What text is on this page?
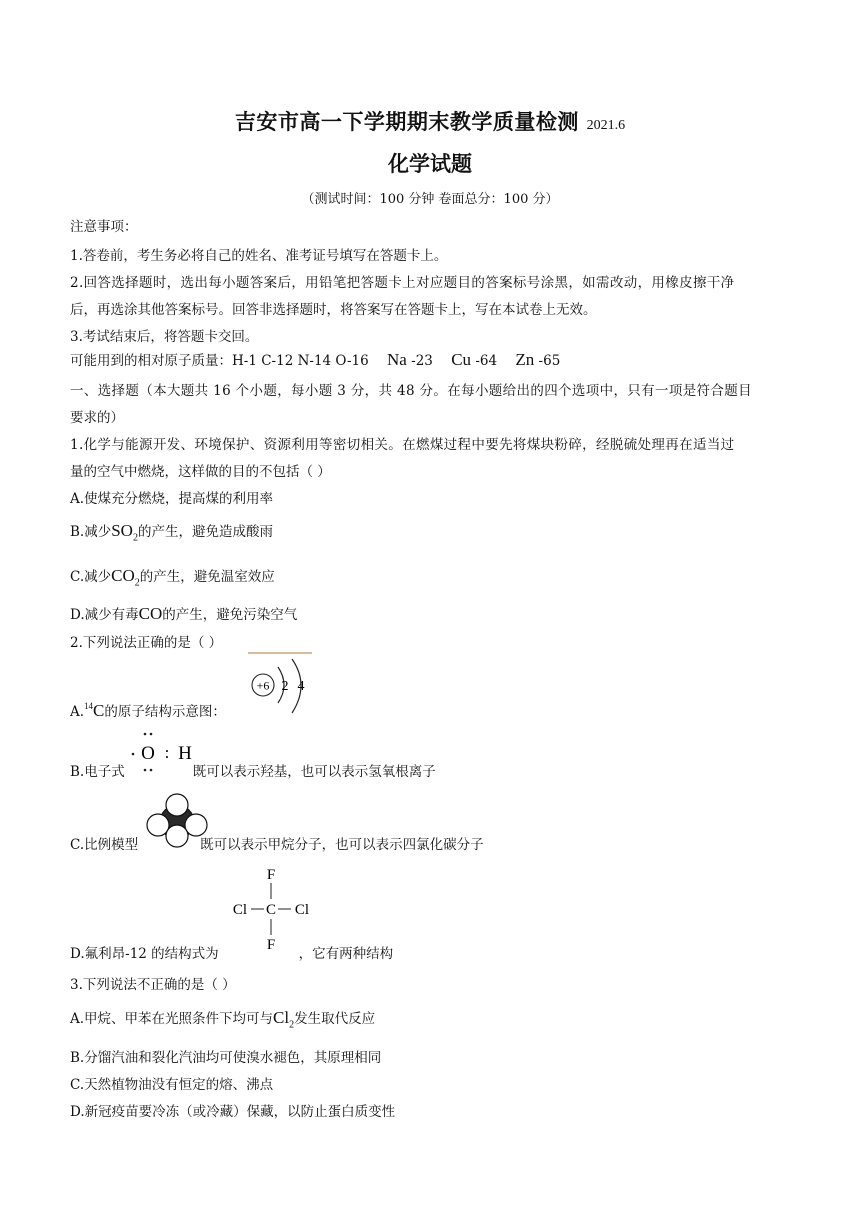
吉安市高一下学期期末教学质量检测 2021.6
化学试题
（测试时间：100 分钟 卷面总分：100 分）
注意事项：
1.答卷前，考生务必将自己的姓名、准考证号填写在答题卡上。
2.回答选择题时，选出每小题答案后，用铅笔把答题卡上对应题目的答案标号涂黑，如需改动，用橡皮擦干净
后，再选涂其他答案标号。回答非选择题时，将答案写在答题卡上，写在本试卷上无效。
3.考试结束后，将答题卡交回。
可能用到的相对原子质量：H-1 C-12 N-14 O-16 Na -23 Cu -64 Zn -65
一、选择题（本大题共 16 个小题，每小题 3 分，共 48 分。在每小题给出的四个选项中，只有一项是符合题目
要求的）
1.化学与能源开发、环境保护、资源利用等密切相关。在燃煤过程中要先将煤块粉碎，经脱硫处理再在适当过
量的空气中燃烧，这样做的目的不包括（ ）
A.使煤充分燃烧，提高煤的利用率
B.减少$SO_2$的产生，避免造成酸雨
C.减少$CO_2$的产生，避免温室效应
D.减少有毒CO的产生，避免污染空气
2.下列说法正确的是（ ）
A.$^{14}$C的原子结构示意图：
+6 2 4
B.电子式	既可以表示羟基，也可以表示氢氧根离子
O : H
C.比例模型	既可以表示甲烷分子，也可以表示四氯化碳分子
D.氟利昂-12 的结构式为	，它有两种结构
F
Cl C Cl
F
3.下列说法不正确的是（ ）
A.甲烷、甲苯在光照条件下均可与$Cl_2$发生取代反应
B.分馏汽油和裂化汽油均可使溴水褪色，其原理相同
C.天然植物油没有恒定的熔、沸点
D.新冠疫苗要冷冻（或冷藏）保藏，以防止蛋白质变性
